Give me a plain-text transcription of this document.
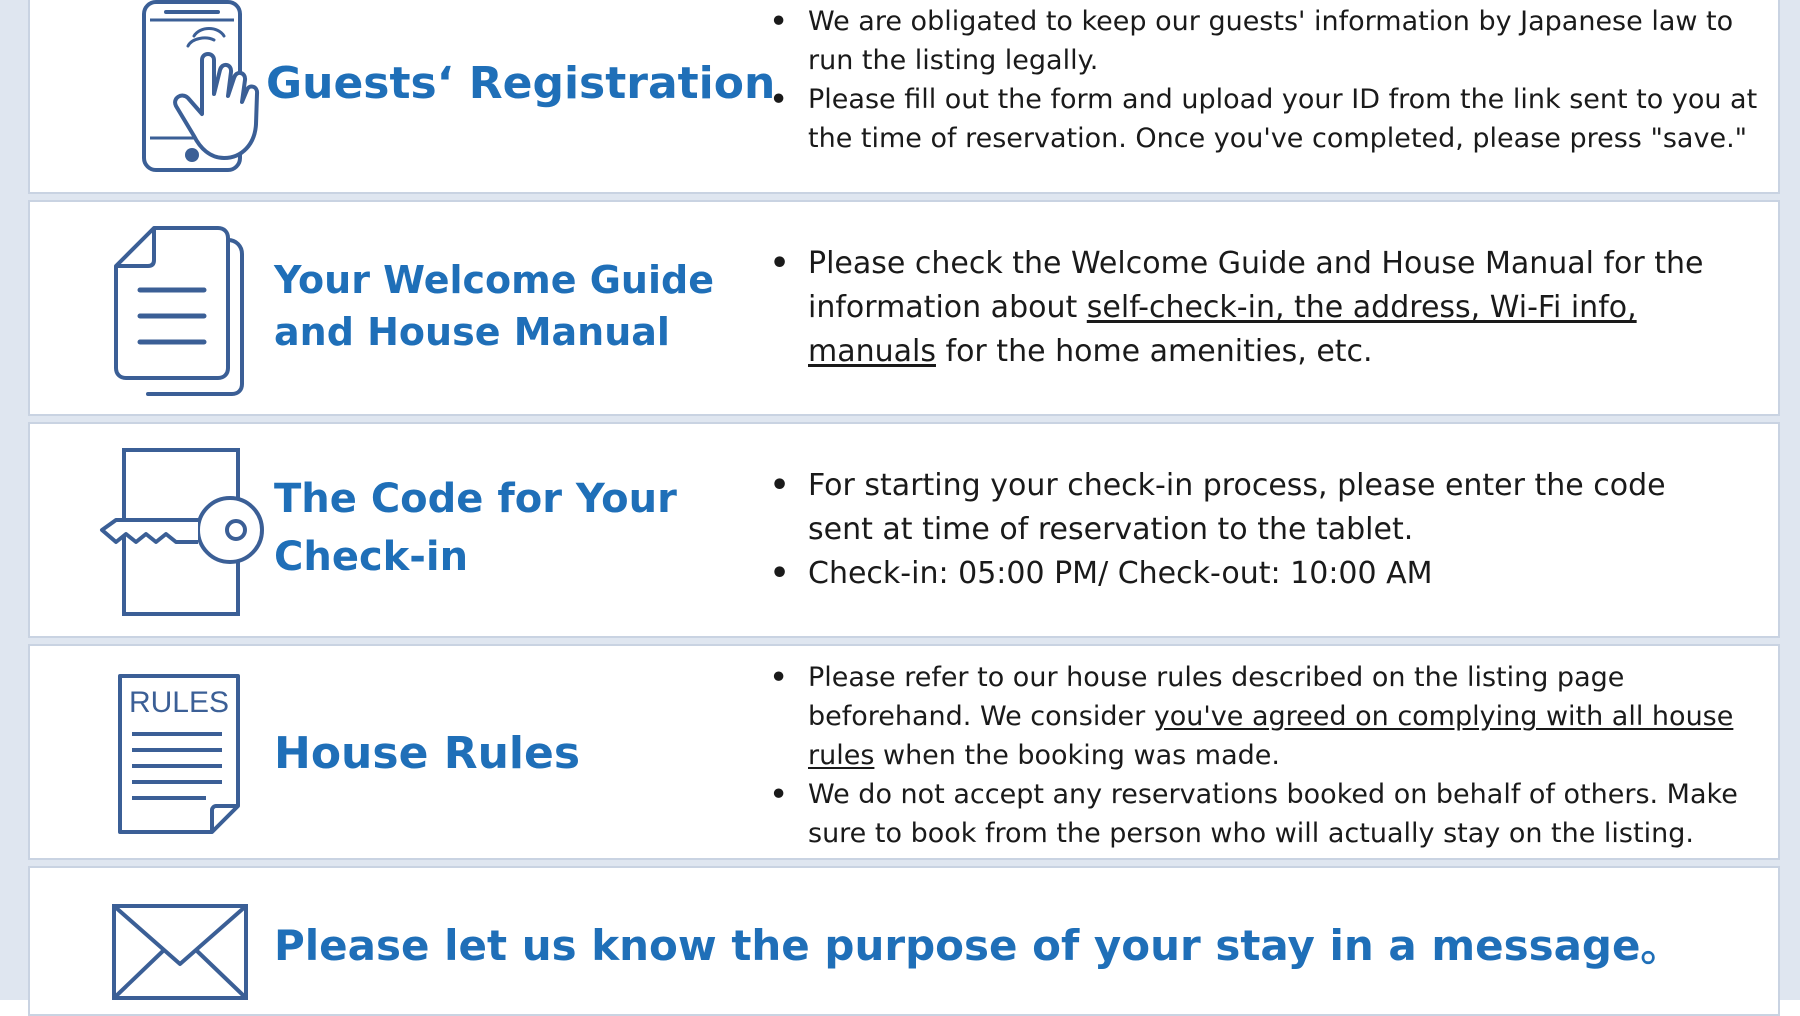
Guests‘ Registration
• We are obligated to keep our guests' information by Japanese law to run the listing legally.
• Please fill out the form and upload your ID from the link sent to you at the time of reservation. Once you've completed, please press "save."
Your Welcome Guide
and House Manual
• Please check the Welcome Guide and House Manual for the information about self-check-in, the address, Wi-Fi info, manuals for the home amenities, etc.
The Code for Your
Check-in
• For starting your check-in process, please enter the code sent at time of reservation to the tablet.
• Check-in: 05:00 PM/ Check-out: 10:00 AM
RULES
House Rules
• Please refer to our house rules described on the listing page beforehand. We consider you've agreed on complying with all house rules when the booking was made.
• We do not accept any reservations booked on behalf of others. Make sure to book from the person who will actually stay on the listing.
Please let us know the purpose of your stay in a message。
